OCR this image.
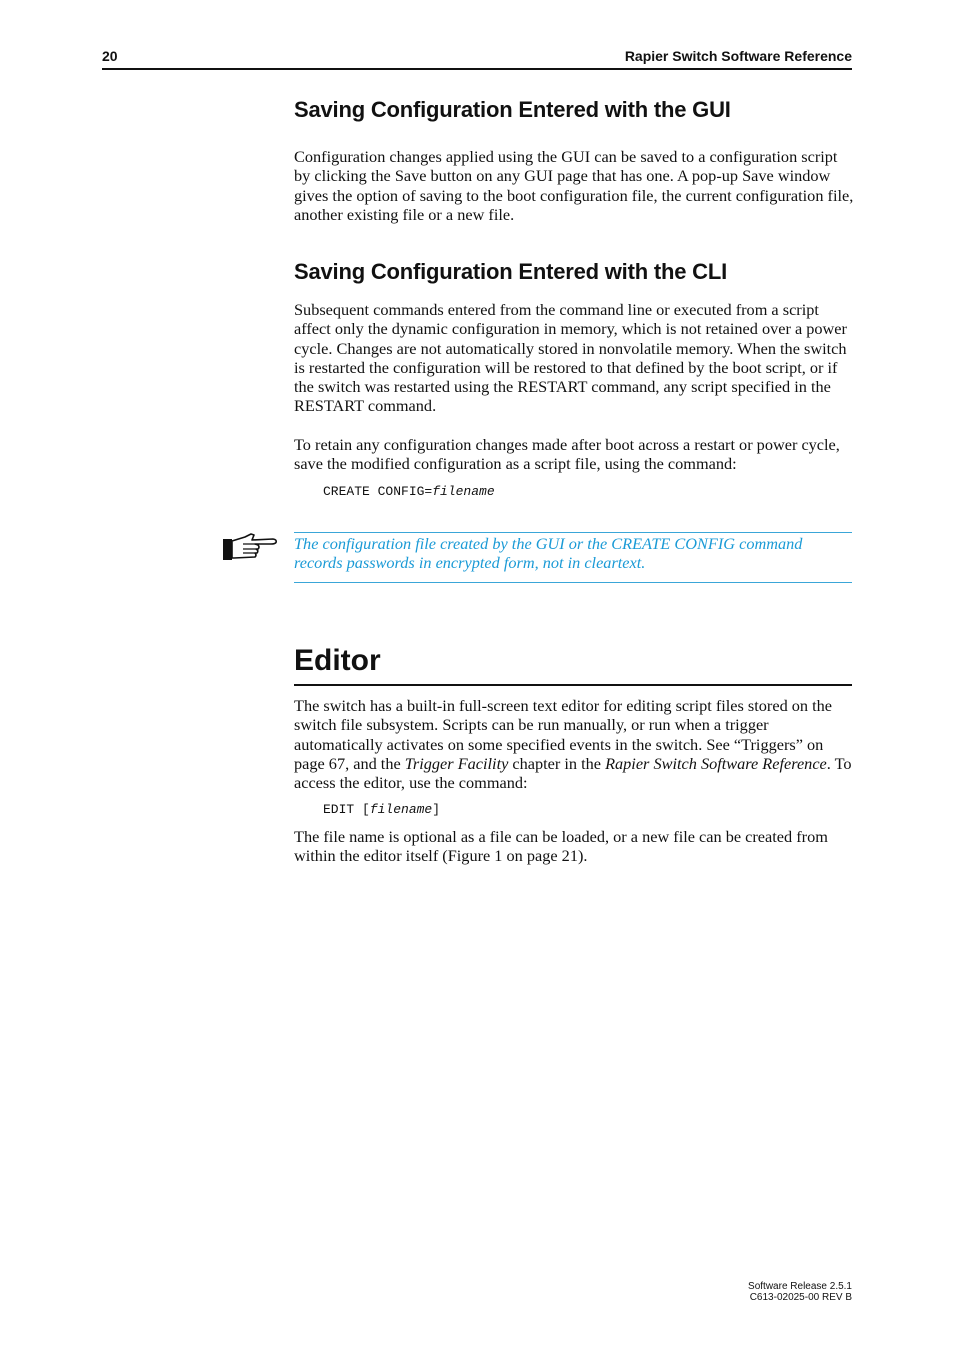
20	Rapier Switch Software Reference
Saving Configuration Entered with the GUI

Configuration changes applied using the GUI can be saved to a configuration script by clicking the Save button on any GUI page that has one. A pop-up Save window gives the option of saving to the boot configuration file, the current configuration file, another existing file or a new file.

Saving Configuration Entered with the CLI

Subsequent commands entered from the command line or executed from a script affect only the dynamic configuration in memory, which is not retained over a power cycle. Changes are not automatically stored in nonvolatile memory. When the switch is restarted the configuration will be restored to that defined by the boot script, or if the switch was restarted using the RESTART command, any script specified in the RESTART command.

To retain any configuration changes made after boot across a restart or power cycle, save the modified configuration as a script file, using the command:

CREATE CONFIG=filename

The configuration file created by the GUI or the CREATE CONFIG command records passwords in encrypted form, not in cleartext.

Editor

The switch has a built-in full-screen text editor for editing script files stored on the switch file subsystem. Scripts can be run manually, or run when a trigger automatically activates on some specified events in the switch. See “Triggers” on page 67, and the Trigger Facility chapter in the Rapier Switch Software Reference. To access the editor, use the command:

EDIT [filename]

The file name is optional as a file can be loaded, or a new file can be created from within the editor itself (Figure 1 on page 21).

Software Release 2.5.1
C613-02025-00 REV B
